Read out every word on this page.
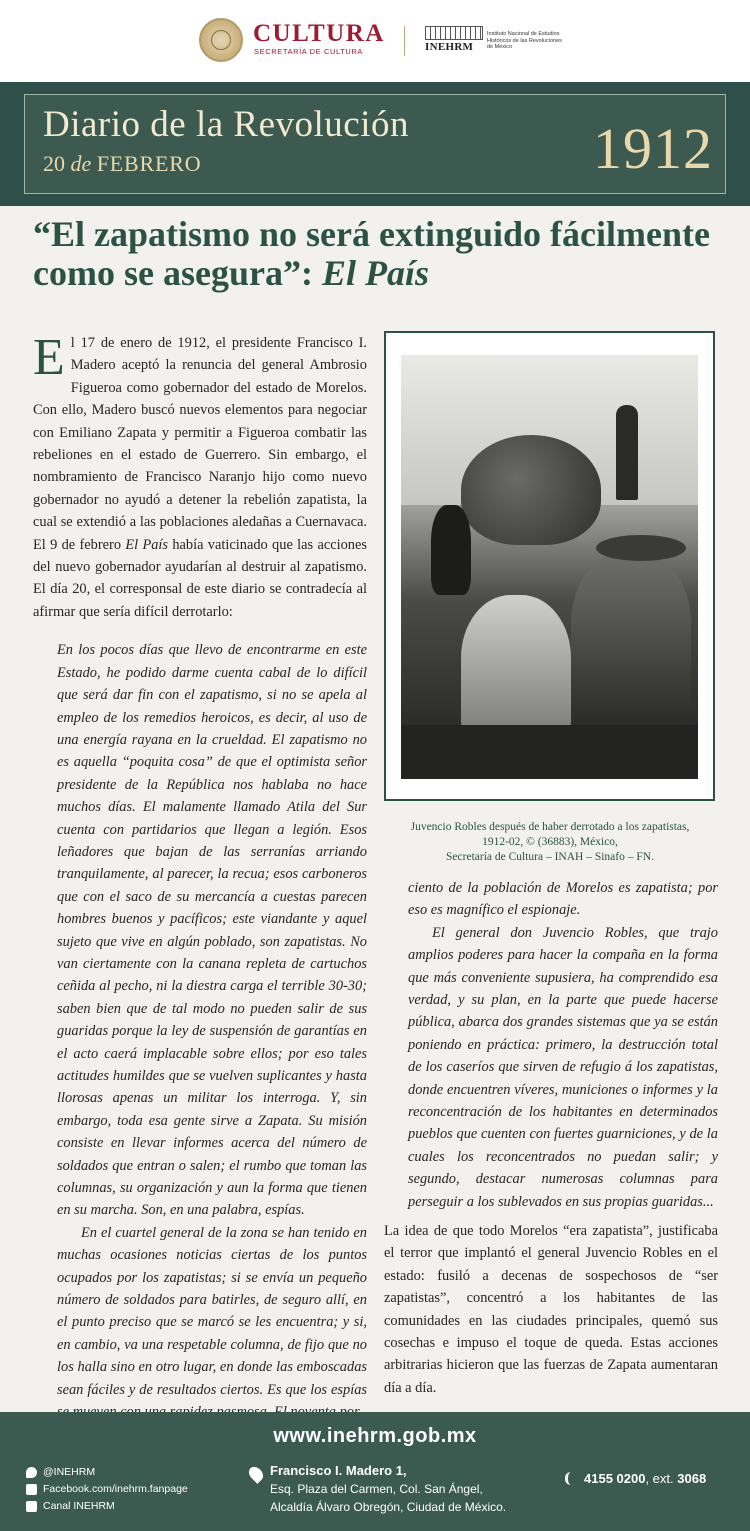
CULTURA
SECRETARÍA DE CULTURA	INEHRM
Instituto Nacional de Estudios Históricos de las Revoluciones de México
Diario de la Revolución
20 de FEBRERO	1912
“El zapatismo no será extinguido fácilmente como se asegura”: El País

El 17 de enero de 1912, el presidente Francisco I. Madero aceptó la renuncia del general Ambrosio Figueroa como gobernador del estado de Morelos. Con ello, Madero buscó nuevos elementos para negociar con Emiliano Zapata y permitir a Figueroa combatir las rebeliones en el estado de Guerrero. Sin embargo, el nombramiento de Francisco Naranjo hijo como nuevo gobernador no ayudó a detener la rebelión zapatista, la cual se extendió a las poblaciones aledañas a Cuernavaca. El 9 de febrero El País había vaticinado que las acciones del nuevo gobernador ayudarían al destruir al zapatismo. El día 20, el corresponsal de este diario se contradecía al afirmar que sería difícil derrotarlo:

En los pocos días que llevo de encontrarme en este Estado, he podido darme cuenta cabal de lo difícil que será dar fin con el zapatismo, si no se apela al empleo de los remedios heroicos, es decir, al uso de una energía rayana en la crueldad. El zapatismo no es aquella “poquita cosa” de que el optimista señor presidente de la República nos hablaba no hace muchos días. El malamente llamado Atila del Sur cuenta con partidarios que llegan a legión. Esos leñadores que bajan de las serranías arriando tranquilamente, al parecer, la recua; esos carboneros que con el saco de su mercancía a cuestas parecen hombres buenos y pacíficos; este viandante y aquel sujeto que vive en algún poblado, son zapatistas. No van ciertamente con la canana repleta de cartuchos ceñida al pecho, ni la diestra carga el terrible 30-30; saben bien que de tal modo no pueden salir de sus guaridas porque la ley de suspensión de garantías en el acto caerá implacable sobre ellos; por eso tales actitudes humildes que se vuelven suplicantes y hasta llorosas apenas un militar los interroga. Y, sin embargo, toda esa gente sirve a Zapata. Su misión consiste en llevar informes acerca del número de soldados que entran o salen; el rumbo que toman las columnas, su organización y aun la forma que tienen en su marcha. Son, en una palabra, espías.

En el cuartel general de la zona se han tenido en muchas ocasiones noticias ciertas de los puntos ocupados por los zapatistas; si se envía un pequeño número de soldados para batirles, de seguro allí, en el punto preciso que se marcó se les encuentra; y si, en cambio, va una respetable columna, de fijo que no los halla sino en otro lugar, en donde las emboscadas sean fáciles y de resultados ciertos. Es que los espías

Juvencio Robles después de haber derrotado a los zapatistas,
1912-02, © (36883), México,
Secretaría de Cultura – INAH – Sinafo – FN.

ciento de la población de Morelos es zapatista; por eso es magnífico el espionaje.

El general don Juvencio Robles, que trajo amplios poderes para hacer la compaña en la forma que más conveniente supusiera, ha comprendido esa verdad, y su plan, en la parte que puede hacerse pública, abarca dos grandes sistemas que ya se están poniendo en práctica: primero, la destrucción total de los caseríos que sirven de refugio á los zapatistas, donde encuentren víveres, municiones o informes y la reconcentración de los habitantes en determinados pueblos que cuenten con fuertes guarniciones, y de la cuales los reconcentrados no puedan salir; y segundo, destacar numerosas columnas para perseguir a los sublevados en sus propias guaridas...

La idea de que todo Morelos “era zapatista”, justificaba el terror que implantó el general Juvencio Robles en el estado: fusiló a decenas de sospechosos de “ser zapatistas”, concentró a los habitantes de las comunidades en las ciudades principales, quemó sus cosechas e impuso el toque de queda. Estas acciones arbitrarias hicieron que las fuerzas de Zapata aumentaran día a día.

www.inehrm.gob.mx
@INEHRM
Facebook.com/inehrm.fanpage
Canal INEHRM
Francisco I. Madero 1,
Esq. Plaza del Carmen, Col. San Ángel,
Alcaldía Álvaro Obregón, Ciudad de México.
4155 0200, ext. 3068
